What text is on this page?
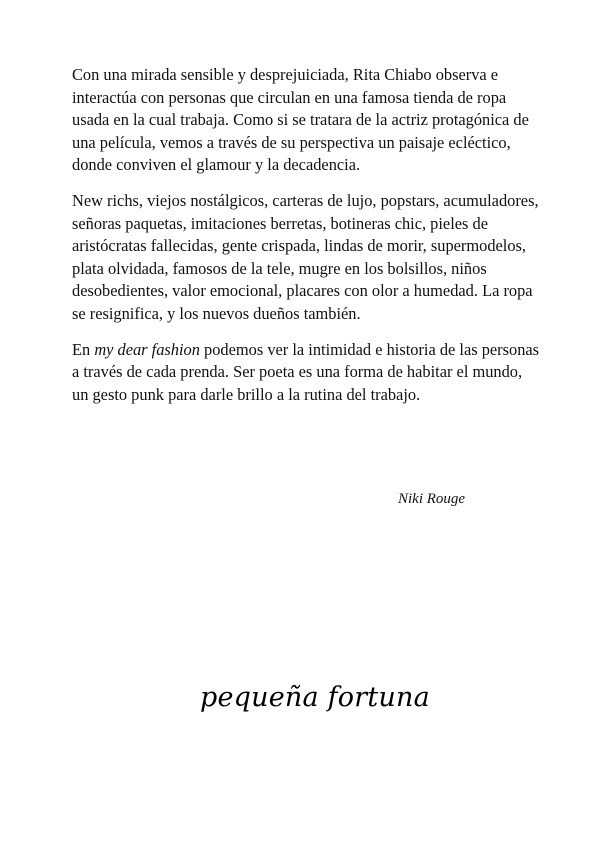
Con una mirada sensible y desprejuiciada, Rita Chiabo observa e interactúa con personas que circulan en una famosa tienda de ropa usada en la cual trabaja. Como si se tratara de la actriz protagónica de una película, vemos a través de su perspectiva un paisaje ecléctico, donde conviven el glamour y la decadencia.

New richs, viejos nostálgicos, carteras de lujo, popstars, acumuladores, señoras paquetas, imitaciones berretas, botineras chic, pieles de aristócratas fallecidas, gente crispada, lindas de morir, supermodelos, plata olvidada, famosos de la tele, mugre en los bolsillos, niños desobedientes, valor emocional, placares con olor a humedad. La ropa se resignifica, y los nuevos dueños también.

En my dear fashion podemos ver la intimidad e historia de las personas a través de cada prenda. Ser poeta es una forma de habitar el mundo, un gesto punk para darle brillo a la rutina del trabajo.

Niki Rouge
pequeña fortuna
